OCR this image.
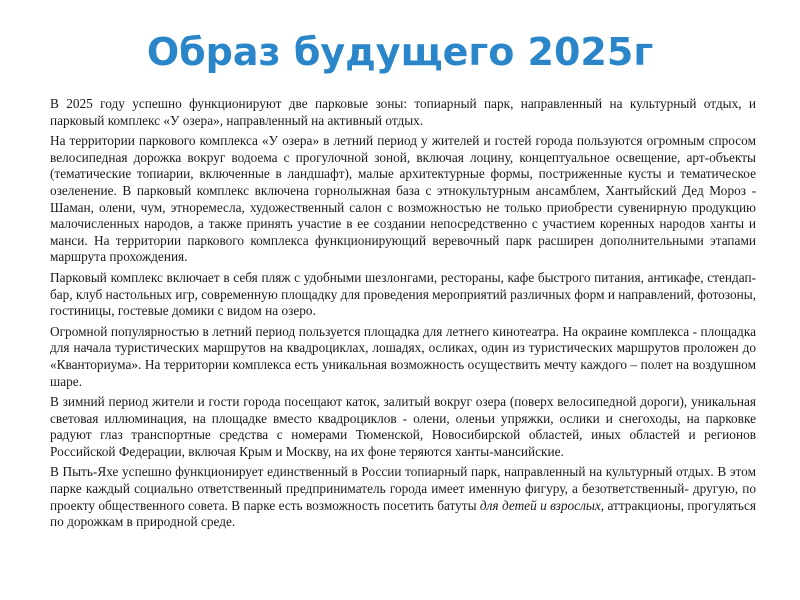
Образ будущего 2025г

В 2025 году успешно функционируют две парковые зоны: топиарный парк, направленный на культурный отдых, и парковый комплекс «У озера», направленный на активный отдых.

На территории паркового комплекса «У озера» в летний период у жителей и гостей города пользуются огромным спросом велосипедная дорожка вокруг водоема с прогулочной зоной, включая лоцину, концептуальное освещение, арт-объекты (тематические топиарии, включенные в ландшафт), малые архитектурные формы, постриженные кусты и тематическое озеленение. В парковый комплекс включена горнолыжная база с этнокультурным ансамблем, Хантыйский Дед Мороз - Шаман, олени, чум, этноремесла, художественный салон с возможностью не только приобрести сувенирную продукцию малочисленных народов, а также принять участие в ее создании непосредственно с участием коренных народов ханты и манси. На территории паркового комплекса функционирующий веревочный парк расширен дополнительными этапами маршрута прохождения.

Парковый комплекс включает в себя пляж с удобными шезлонгами, рестораны, кафе быстрого питания, антикафе, стендап-бар, клуб настольных игр, современную площадку для проведения мероприятий различных форм и направлений, фотозоны, гостиницы, гостевые домики с видом на озеро.

Огромной популярностью в летний период пользуется площадка для летнего кинотеатра. На окраине комплекса - площадка для начала туристических маршрутов на квадроциклах, лошадях, осликах, один из туристических маршрутов проложен до «Кванториума». На территории комплекса есть уникальная возможность осуществить мечту каждого – полет на воздушном шаре.

В зимний период жители и гости города посещают каток, залитый вокруг озера (поверх велосипедной дороги), уникальная световая иллюминация, на площадке вместо квадроциклов - олени, оленьи упряжки, ослики и снегоходы, на парковке радуют глаз транспортные средства с номерами Тюменской, Новосибирской областей, иных областей и регионов Российской Федерации, включая Крым и Москву, на их фоне теряются ханты-мансийские.

В Пыть-Яхе успешно функционирует единственный в России топиарный парк, направленный на культурный отдых. В этом парке каждый социально ответственный предприниматель города имеет именную фигуру, а безответственный- другую, по проекту общественного совета. В парке есть возможность посетить батуты для детей и взрослых, аттракционы, прогуляться по дорожкам в природной среде.
